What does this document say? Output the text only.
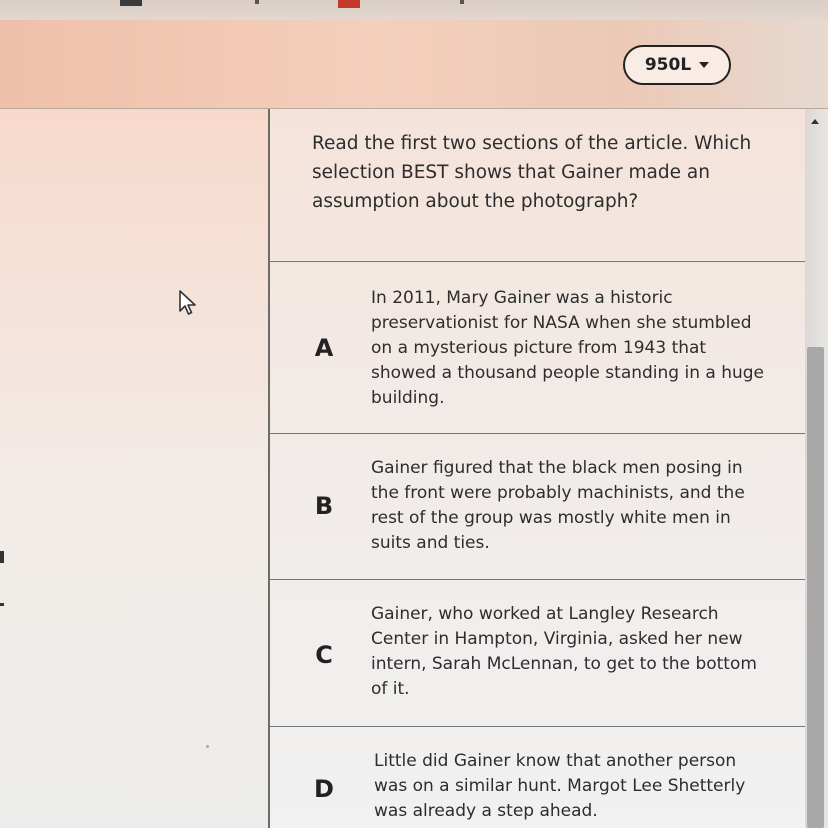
950L

Read the first two sections of the article. Which selection BEST shows that Gainer made an assumption about the photograph?

A
In 2011, Mary Gainer was a historic preservationist for NASA when she stumbled on a mysterious picture from 1943 that showed a thousand people standing in a huge building.
B
Gainer figured that the black men posing in the front were probably machinists, and the rest of the group was mostly white men in suits and ties.
C
Gainer, who worked at Langley Research Center in Hampton, Virginia, asked her new intern, Sarah McLennan, to get to the bottom of it.
D
Little did Gainer know that another person was on a similar hunt. Margot Lee Shetterly was already a step ahead.
